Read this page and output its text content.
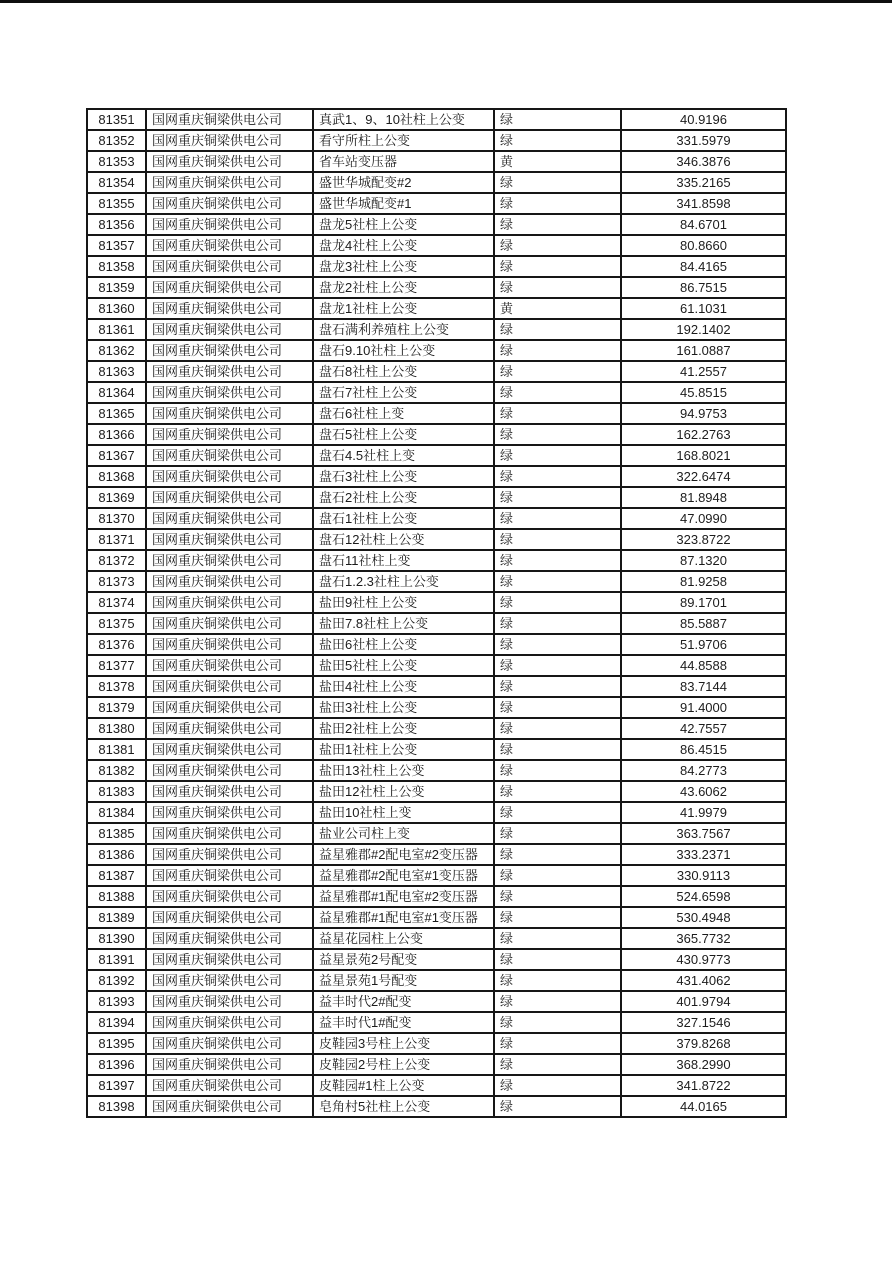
81351	国网重庆铜梁供电公司	真武1、9、10社柱上公变	绿	40.9196
81352	国网重庆铜梁供电公司	看守所柱上公变	绿	331.5979
81353	国网重庆铜梁供电公司	省车站变压器	黄	346.3876
81354	国网重庆铜梁供电公司	盛世华城配变#2	绿	335.2165
81355	国网重庆铜梁供电公司	盛世华城配变#1	绿	341.8598
81356	国网重庆铜梁供电公司	盘龙5社柱上公变	绿	84.6701
81357	国网重庆铜梁供电公司	盘龙4社柱上公变	绿	80.8660
81358	国网重庆铜梁供电公司	盘龙3社柱上公变	绿	84.4165
81359	国网重庆铜梁供电公司	盘龙2社柱上公变	绿	86.7515
81360	国网重庆铜梁供电公司	盘龙1社柱上公变	黄	61.1031
81361	国网重庆铜梁供电公司	盘石满利养殖柱上公变	绿	192.1402
81362	国网重庆铜梁供电公司	盘石9.10社柱上公变	绿	161.0887
81363	国网重庆铜梁供电公司	盘石8社柱上公变	绿	41.2557
81364	国网重庆铜梁供电公司	盘石7社柱上公变	绿	45.8515
81365	国网重庆铜梁供电公司	盘石6社柱上变	绿	94.9753
81366	国网重庆铜梁供电公司	盘石5社柱上公变	绿	162.2763
81367	国网重庆铜梁供电公司	盘石4.5社柱上变	绿	168.8021
81368	国网重庆铜梁供电公司	盘石3社柱上公变	绿	322.6474
81369	国网重庆铜梁供电公司	盘石2社柱上公变	绿	81.8948
81370	国网重庆铜梁供电公司	盘石1社柱上公变	绿	47.0990
81371	国网重庆铜梁供电公司	盘石12社柱上公变	绿	323.8722
81372	国网重庆铜梁供电公司	盘石11社柱上变	绿	87.1320
81373	国网重庆铜梁供电公司	盘石1.2.3社柱上公变	绿	81.9258
81374	国网重庆铜梁供电公司	盐田9社柱上公变	绿	89.1701
81375	国网重庆铜梁供电公司	盐田7.8社柱上公变	绿	85.5887
81376	国网重庆铜梁供电公司	盐田6社柱上公变	绿	51.9706
81377	国网重庆铜梁供电公司	盐田5社柱上公变	绿	44.8588
81378	国网重庆铜梁供电公司	盐田4社柱上公变	绿	83.7144
81379	国网重庆铜梁供电公司	盐田3社柱上公变	绿	91.4000
81380	国网重庆铜梁供电公司	盐田2社柱上公变	绿	42.7557
81381	国网重庆铜梁供电公司	盐田1社柱上公变	绿	86.4515
81382	国网重庆铜梁供电公司	盐田13社柱上公变	绿	84.2773
81383	国网重庆铜梁供电公司	盐田12社柱上公变	绿	43.6062
81384	国网重庆铜梁供电公司	盐田10社柱上变	绿	41.9979
81385	国网重庆铜梁供电公司	盐业公司柱上变	绿	363.7567
81386	国网重庆铜梁供电公司	益星雅郡#2配电室#2变压器	绿	333.2371
81387	国网重庆铜梁供电公司	益星雅郡#2配电室#1变压器	绿	330.9113
81388	国网重庆铜梁供电公司	益星雅郡#1配电室#2变压器	绿	524.6598
81389	国网重庆铜梁供电公司	益星雅郡#1配电室#1变压器	绿	530.4948
81390	国网重庆铜梁供电公司	益星花园柱上公变	绿	365.7732
81391	国网重庆铜梁供电公司	益星景苑2号配变	绿	430.9773
81392	国网重庆铜梁供电公司	益星景苑1号配变	绿	431.4062
81393	国网重庆铜梁供电公司	益丰时代2#配变	绿	401.9794
81394	国网重庆铜梁供电公司	益丰时代1#配变	绿	327.1546
81395	国网重庆铜梁供电公司	皮鞋园3号柱上公变	绿	379.8268
81396	国网重庆铜梁供电公司	皮鞋园2号柱上公变	绿	368.2990
81397	国网重庆铜梁供电公司	皮鞋园#1柱上公变	绿	341.8722
81398	国网重庆铜梁供电公司	皂角村5社柱上公变	绿	44.0165
